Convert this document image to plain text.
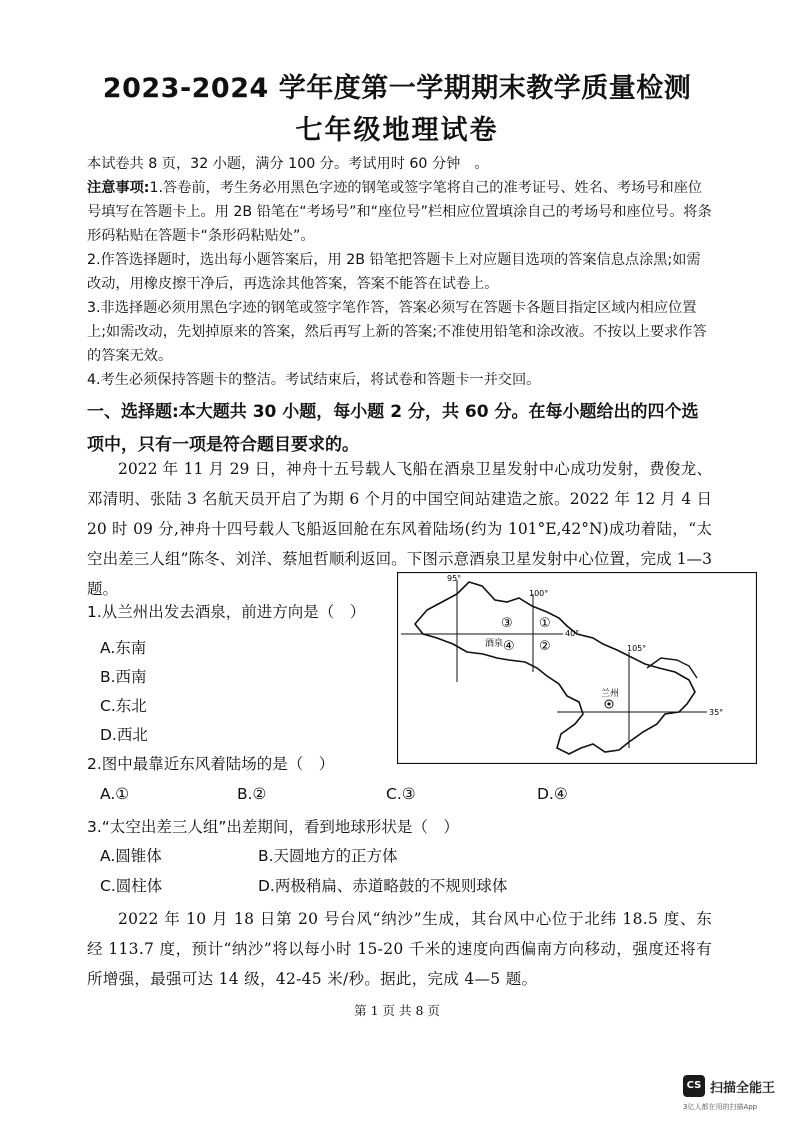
2023-2024 学年度第一学期期末教学质量检测
七年级地理试卷

本试卷共 8 页，32 小题，满分 100 分。考试用时 60 分钟　。

注意事项:1.答卷前，考生务必用黑色字迹的钢笔或签字笔将自己的准考证号、姓名、考场号和座位号填写在答题卡上。用 2B 铅笔在“考场号”和“座位号”栏相应位置填涂自己的考场号和座位号。将条形码粘贴在答题卡“条形码粘贴处”。

2.作答选择题时，选出每小题答案后，用 2B 铅笔把答题卡上对应题目选项的答案信息点涂黑;如需改动，用橡皮擦干净后，再选涂其他答案，答案不能答在试卷上。

3.非选择题必须用黑色字迹的钢笔或签字笔作答，答案必须写在答题卡各题目指定区域内相应位置上;如需改动，先划掉原来的答案，然后再写上新的答案;不准使用铅笔和涂改液。不按以上要求作答的答案无效。

4.考生必须保持答题卡的整洁。考试结束后，将试卷和答题卡一并交回。

一、选择题:本大题共 30 小题，每小题 2 分，共 60 分。在每小题给出的四个选项中，只有一项是符合题目要求的。
2022 年 11 月 29 日，神舟十五号载人飞船在酒泉卫星发射中心成功发射，费俊龙、邓清明、张陆 3 名航天员开启了为期 6 个月的中国空间站建造之旅。2022 年 12 月 4 日 20 时 09 分,神舟十四号载人飞船返回舱在东风着陆场(约为 101°E,42°N)成功着陆，“太空出差三人组”陈冬、刘洋、蔡旭哲顺利返回。下图示意酒泉卫星发射中心位置，完成 1—3 题。
95°
100°
105°
40°
35°
酒泉
兰州
③ ①
④ ②
1.从兰州出发去酒泉，前进方向是（　）
A.东南
B.西南
C.东北
D.西北
2.图中最靠近东风着陆场的是（　）
A.①	B.②	C.③	D.④
3.“太空出差三人组”出差期间，看到地球形状是（　）
A.圆锥体	B.天圆地方的正方体
C.圆柱体	D.两极稍扁、赤道略鼓的不规则球体
2022 年 10 月 18 日第 20 号台风“纳沙”生成，其台风中心位于北纬 18.5 度、东经 113.7 度，预计“纳沙”将以每小时 15-20 千米的速度向西偏南方向移动，强度还将有所增强，最强可达 14 级，42-45 米/秒。据此，完成 4—5 题。
第 1 页 共 8 页
CS 扫描全能王
3亿人都在用的扫描App
